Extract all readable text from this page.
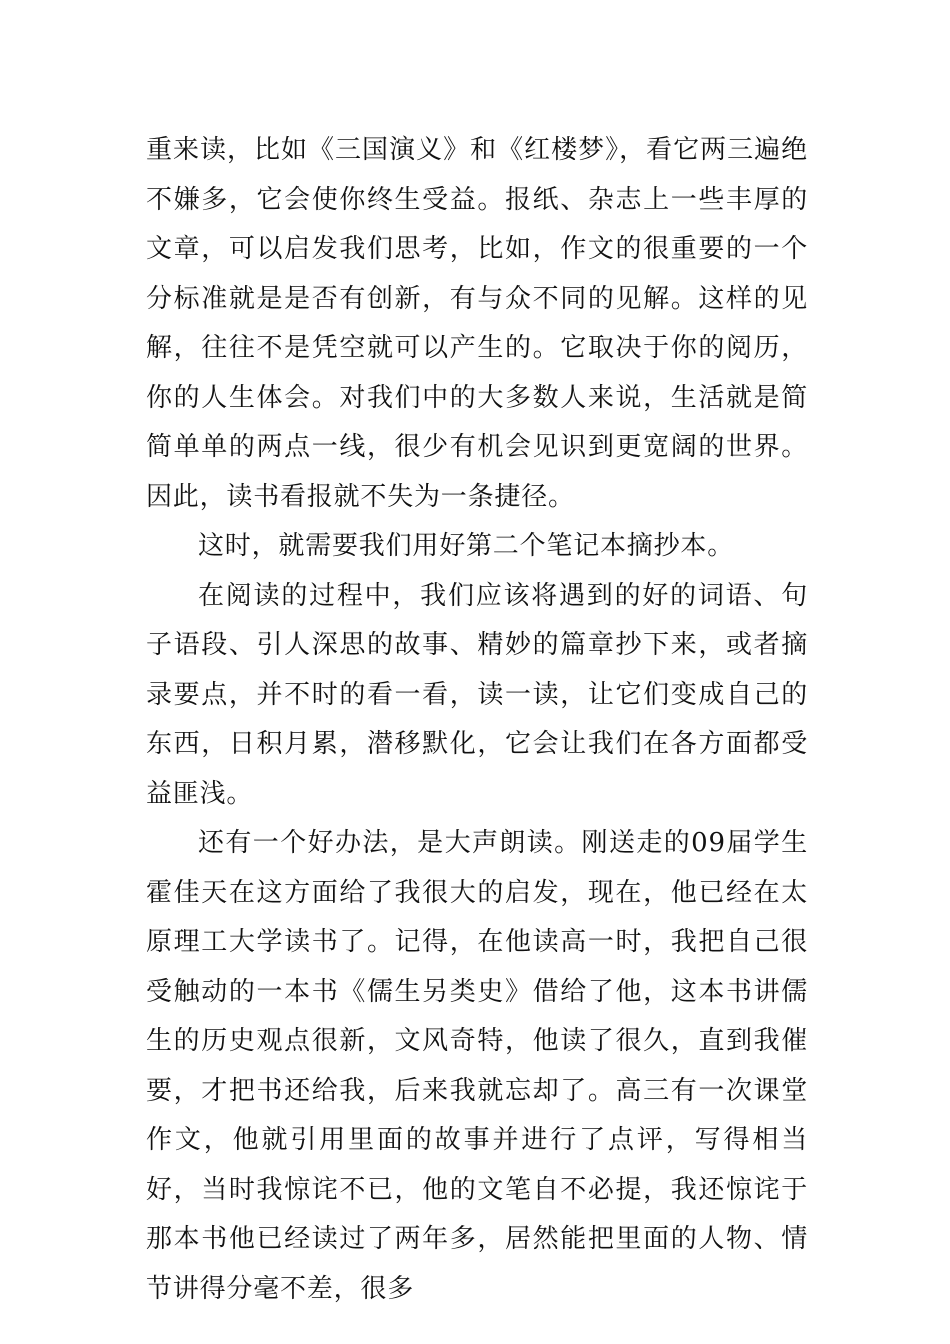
重来读，比如《三国演义》和《红楼梦》，看它两三遍绝不嫌多，它会使你终生受益。报纸、杂志上一些丰厚的文章，可以启发我们思考，比如，作文的很重要的一个分标准就是是否有创新，有与众不同的见解。这样的见解，往往不是凭空就可以产生的。它取决于你的阅历，你的人生体会。对我们中的大多数人来说，生活就是简简单单的两点一线，很少有机会见识到更宽阔的世界。因此，读书看报就不失为一条捷径。

这时，就需要我们用好第二个笔记本摘抄本。

在阅读的过程中，我们应该将遇到的好的词语、句子语段、引人深思的故事、精妙的篇章抄下来，或者摘录要点，并不时的看一看，读一读，让它们变成自己的东西，日积月累，潜移默化，它会让我们在各方面都受益匪浅。

还有一个好办法，是大声朗读。刚送走的09届学生霍佳天在这方面给了我很大的启发，现在，他已经在太原理工大学读书了。记得，在他读高一时，我把自己很受触动的一本书《儒生另类史》借给了他，这本书讲儒生的历史观点很新，文风奇特，他读了很久，直到我催要，才把书还给我，后来我就忘却了。高三有一次课堂作文，他就引用里面的故事并进行了点评，写得相当好，当时我惊诧不已，他的文笔自不必提，我还惊诧于那本书他已经读过了两年多，居然能把里面的人物、情节讲得分毫不差，很多
